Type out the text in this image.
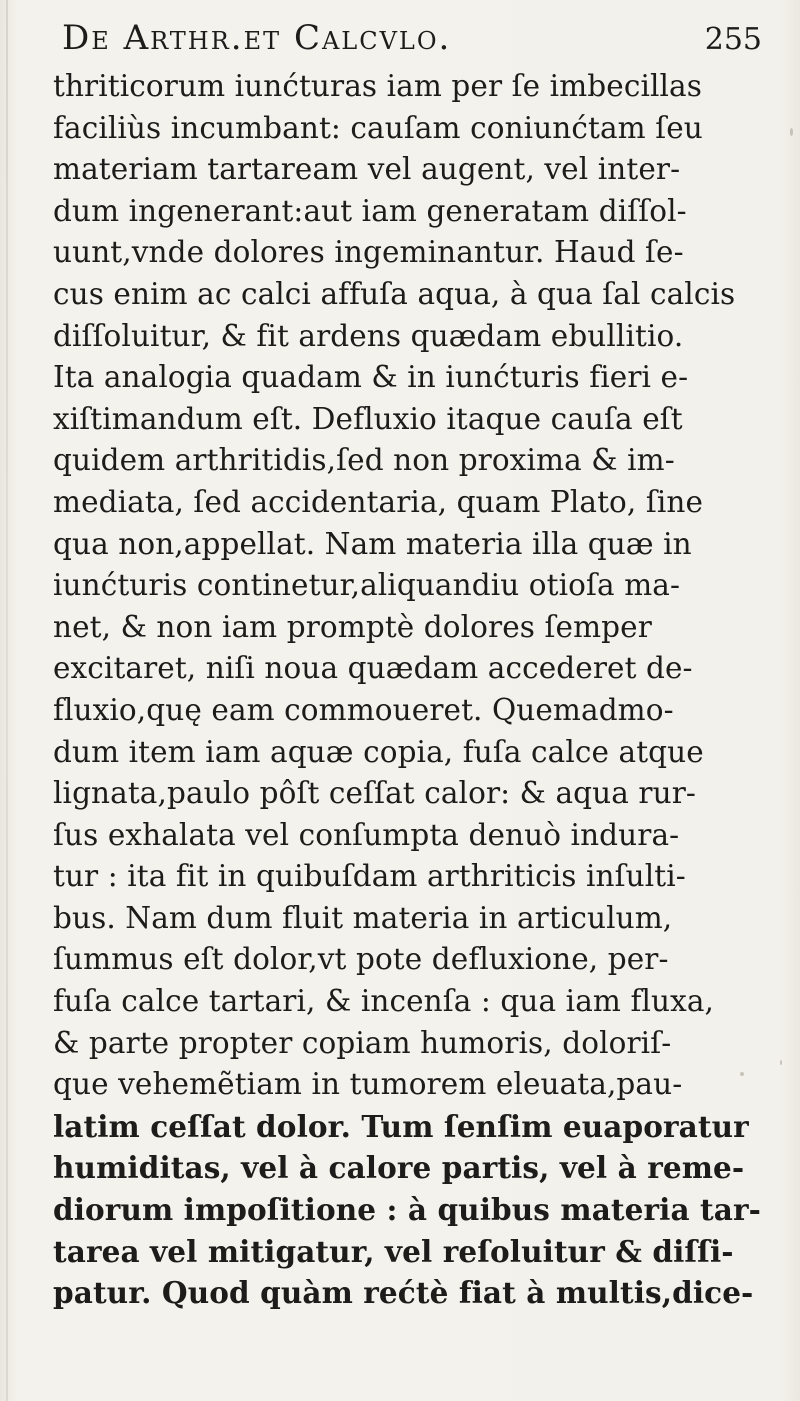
De Arthr.et Calcvlo.	255
thriticorum iunćturas iam per ſe imbecillas
faciliùs incumbant: cauſam coniunćtam ſeu
materiam tartaream vel augent, vel inter-
dum ingenerant:aut iam generatam diſſol-
uunt,vnde dolores ingeminantur. Haud ſe-
cus enim ac calci affuſa aqua, à qua ſal calcis
diſſoluitur, & fit ardens quædam ebullitio.
Ita analogia quadam & in iunćturis fieri e-
xiſtimandum eſt. Defluxio itaque cauſa eſt
quidem arthritidis,ſed non proxima & im-
mediata, ſed accidentaria, quam Plato, ſine
qua non,appellat. Nam materia illa quæ in
iunćturis continetur,aliquandiu otioſa ma-
net, & non iam promptè dolores ſemper
excitaret, niſi noua quædam accederet de-
fluxio,quę eam commoueret. Quemadmo-
dum item iam aquæ copia, fuſa calce atque
lignata,paulo pôſt ceſſat calor: & aqua rur-
ſus exhalata vel conſumpta denuò indura-
tur : ita fit in quibuſdam arthriticis inſulti-
bus. Nam dum fluit materia in articulum,
ſummus eſt dolor,vt pote defluxione, per-
fuſa calce tartari, & incenſa : qua iam fluxa,
& parte propter copiam humoris, doloriſ-
que vehemẽtiam in tumorem eleuata,pau-
latim ceſſat dolor. Tum ſenſim euaporatur
humiditas, vel à calore partis, vel à reme-
diorum impoſitione : à quibus materia tar-
tarea vel mitigatur, vel reſoluitur & diſſi-
patur. Quod quàm rećtè fiat à multis,dice-
